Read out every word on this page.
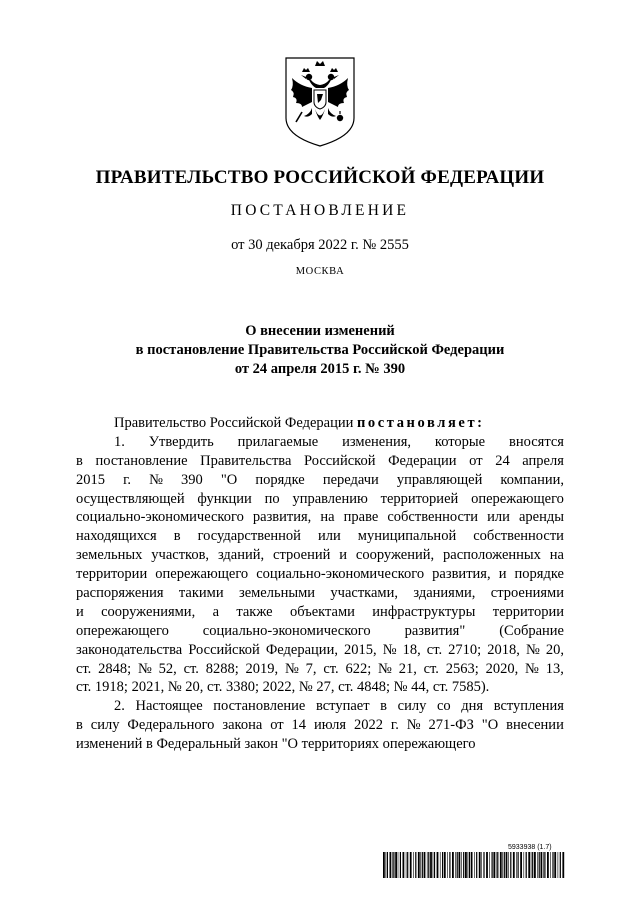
ПРАВИТЕЛЬСТВО РОССИЙСКОЙ ФЕДЕРАЦИИ
ПОСТАНОВЛЕНИЕ
от 30 декабря 2022 г. № 2555
МОСКВА
О внесении изменений
в постановление Правительства Российской Федерации
от 24 апреля 2015 г. № 390
Правительство Российской Федерации
постановляет:
1. Утвердить прилагаемые изменения, которые вносятся
в постановление Правительства Российской Федерации от 24 апреля
2015 г. № 390 "О порядке передачи управляющей компании,
осуществляющей функции по управлению территорией опережающего
социально-экономического развития, на праве собственности или аренды
находящихся в государственной или муниципальной собственности
земельных участков, зданий, строений и сооружений, расположенных на
территории опережающего социально-экономического развития, и порядке
распоряжения такими земельными участками, зданиями, строениями
и сооружениями, а также объектами инфраструктуры территории
опережающего социально-экономического развития" (Собрание
законодательства Российской Федерации, 2015, № 18, ст. 2710; 2018, № 20,
ст. 2848; № 52, ст. 8288; 2019, № 7, ст. 622; № 21, ст. 2563; 2020, № 13,
ст. 1918; 2021, № 20, ст. 3380; 2022, № 27, ст. 4848; № 44, ст. 7585).
2. Настоящее постановление вступает в силу со дня вступления
в силу Федерального закона от 14 июля 2022 г. № 271-ФЗ "О внесении
изменений в Федеральный закон "О территориях опережающего
5933938 (1.7)
